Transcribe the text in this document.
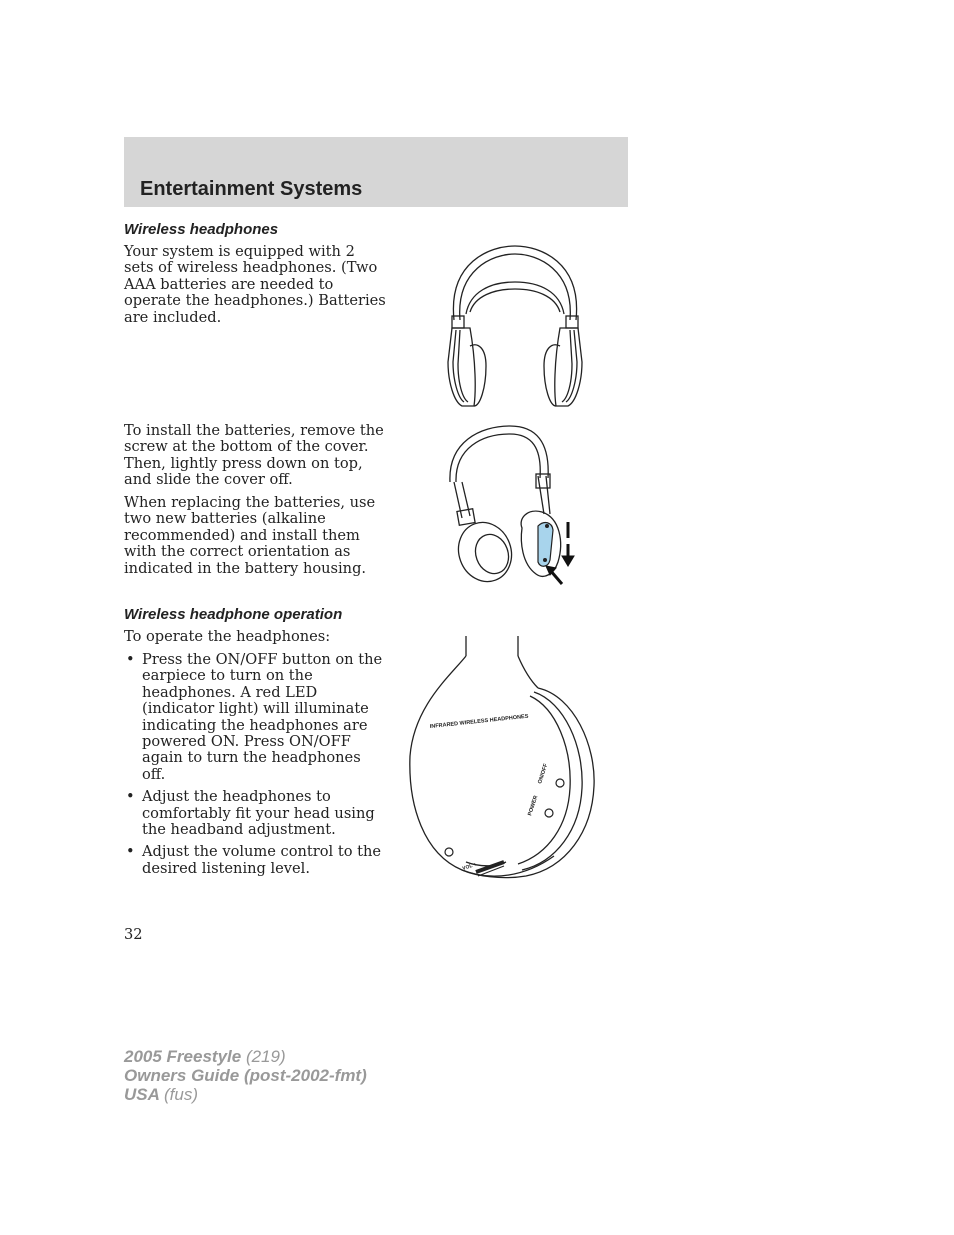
Entertainment Systems
Wireless headphones

Your system is equipped with 2 sets of wireless headphones. (Two AAA batteries are needed to operate the headphones.) Batteries are included.

To install the batteries, remove the screw at the bottom of the cover. Then, lightly press down on top, and slide the cover off.

When replacing the batteries, use two new batteries (alkaline recommended) and install them with the correct orientation as indicated in the battery housing.

Wireless headphone operation

To operate the headphones:

• Press the ON/OFF button on the earpiece to turn on the headphones. A red LED (indicator light) will illuminate indicating the headphones are powered ON. Press ON/OFF again to turn the headphones off.
• Adjust the headphones to comfortably fit your head using the headband adjustment.
• Adjust the volume control to the desired listening level.
INFRARED WIRELESS HEADPHONES
ON/OFF
POWER
VOL +

32

2005 Freestyle (219)
Owners Guide (post-2002-fmt)
USA (fus)
